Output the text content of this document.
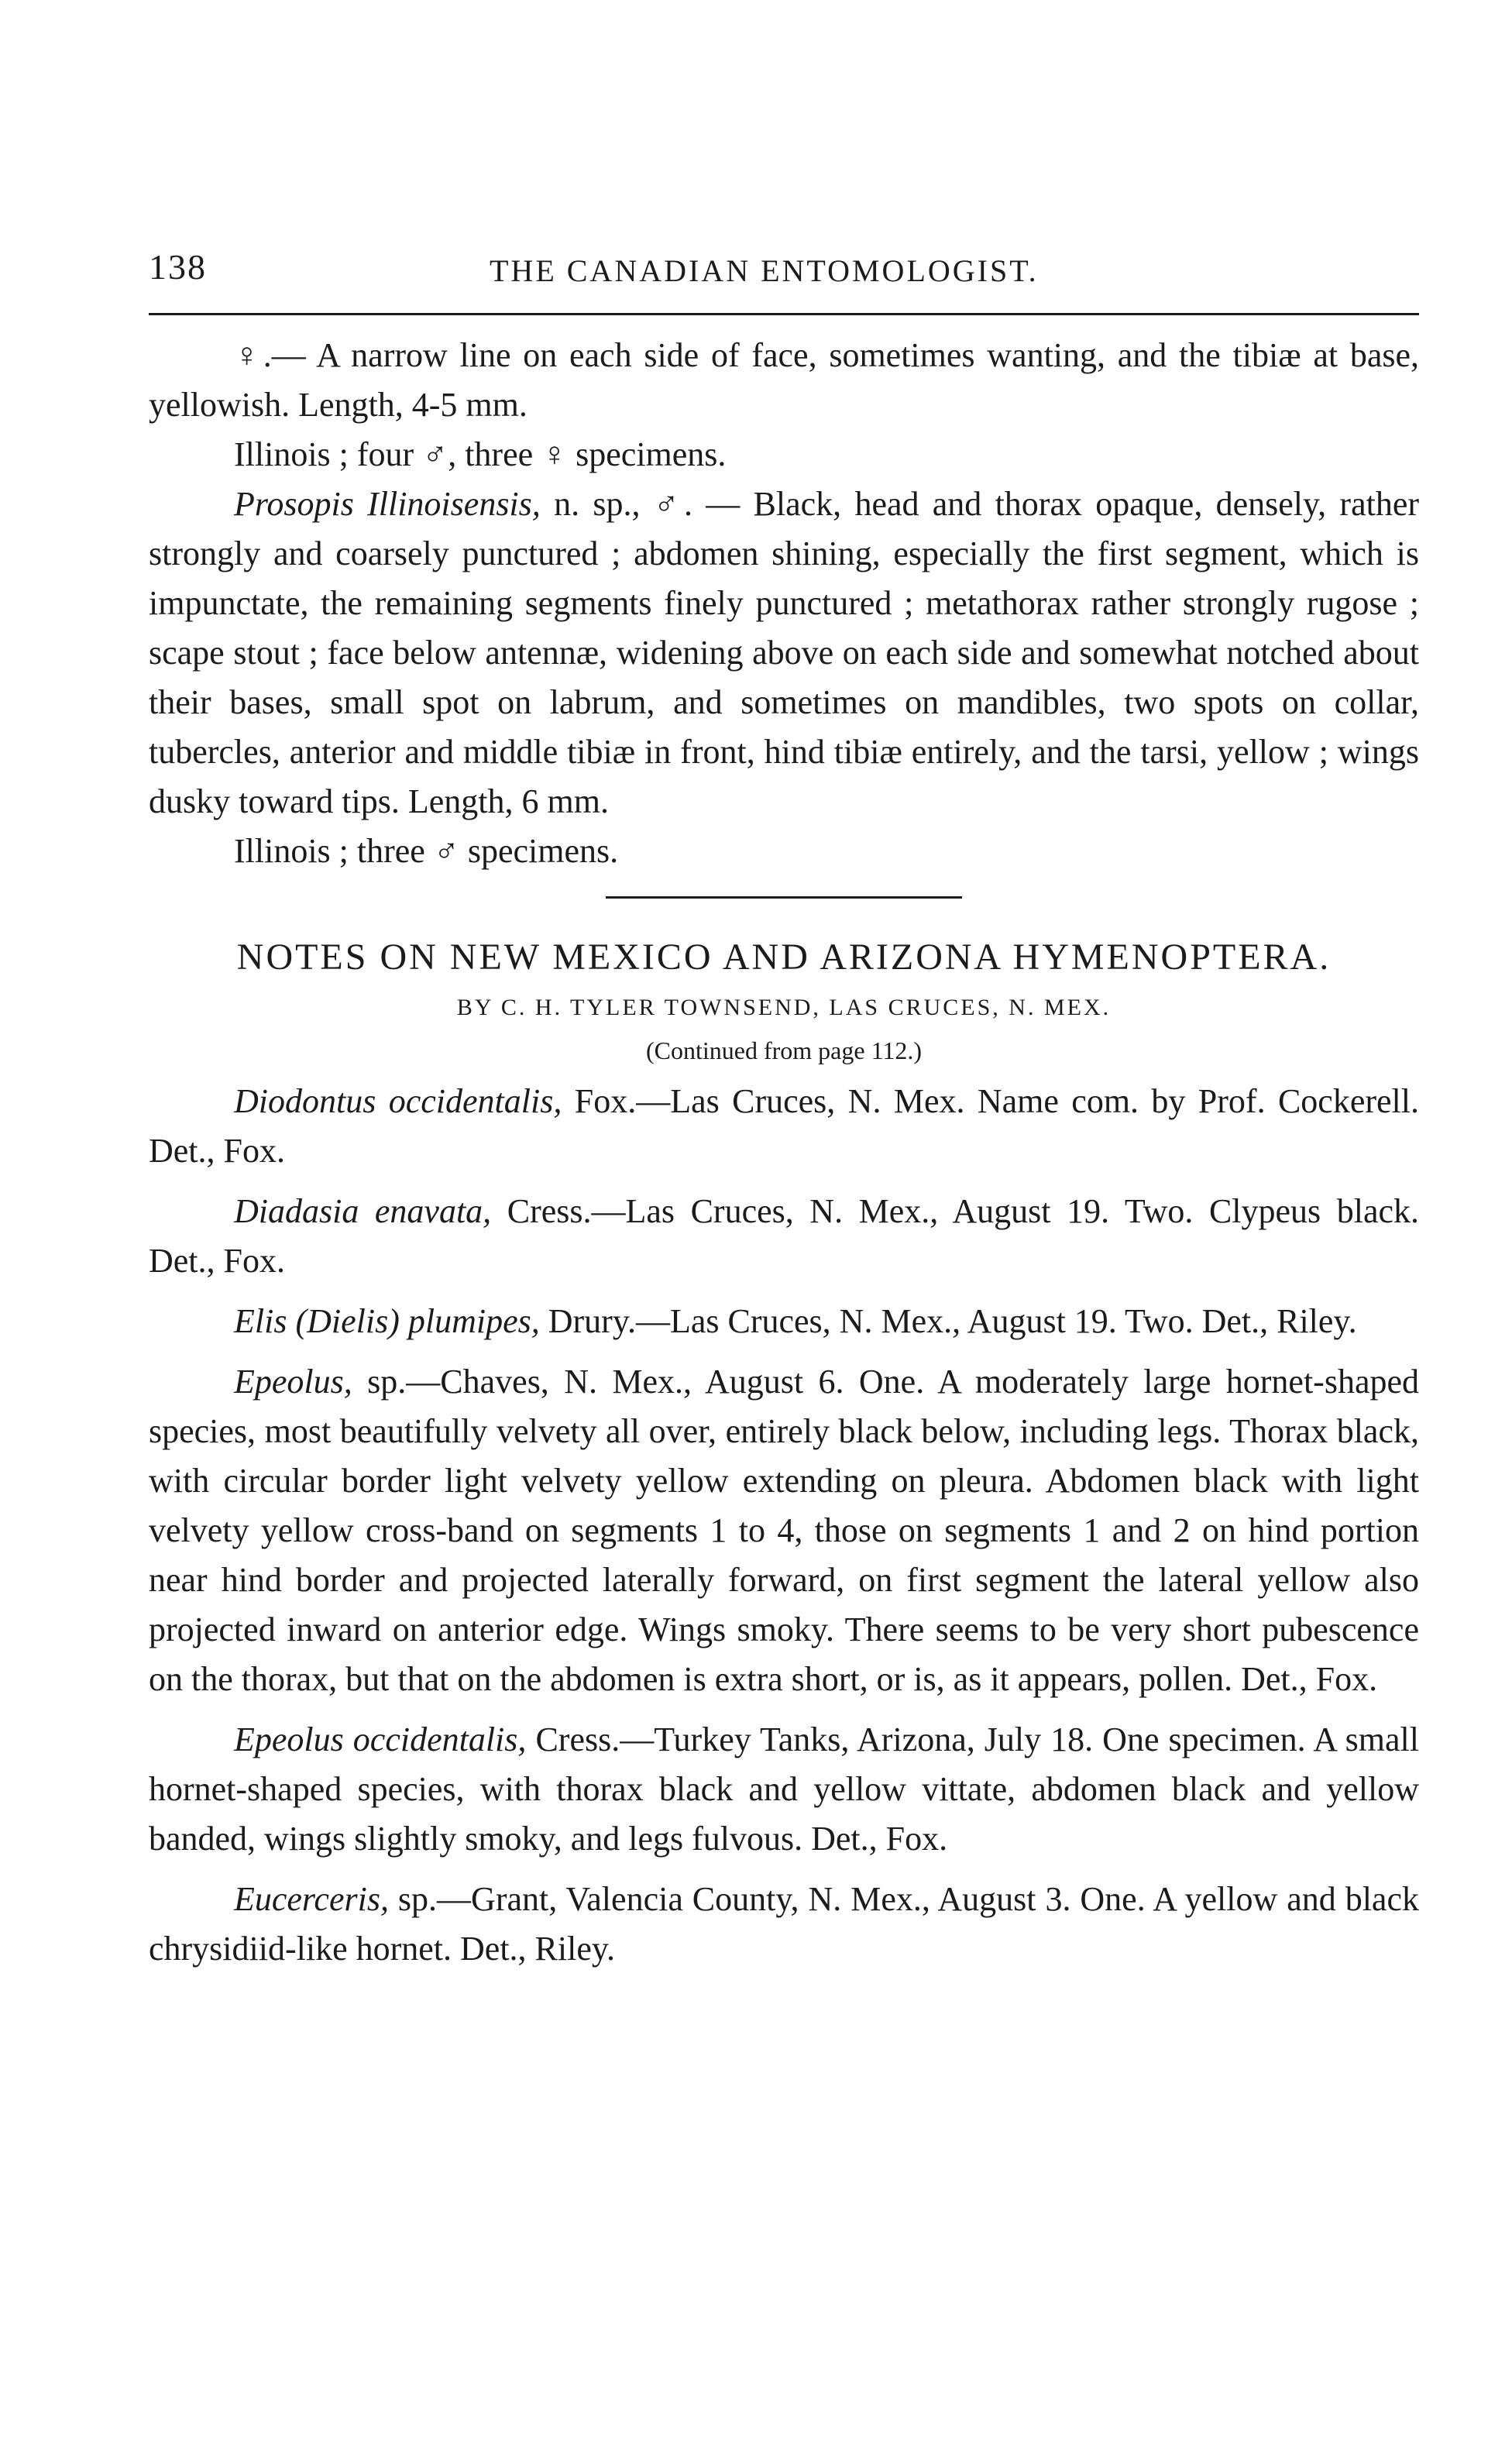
138	THE CANADIAN ENTOMOLOGIST.

♀.— A narrow line on each side of face, sometimes wanting, and the tibiæ at base, yellowish. Length, 4-5 mm.

Illinois ; four ♂, three ♀ specimens.

Prosopis Illinoisensis, n. sp., ♂. — Black, head and thorax opaque, densely, rather strongly and coarsely punctured ; abdomen shining, especially the first segment, which is impunctate, the remaining segments finely punctured ; metathorax rather strongly rugose ; scape stout ; face below antennæ, widening above on each side and somewhat notched about their bases, small spot on labrum, and sometimes on mandibles, two spots on collar, tubercles, anterior and middle tibiæ in front, hind tibiæ entirely, and the tarsi, yellow ; wings dusky toward tips. Length, 6 mm.

Illinois ; three ♂ specimens.

NOTES ON NEW MEXICO AND ARIZONA HYMENOPTERA.
BY C. H. TYLER TOWNSEND, LAS CRUCES, N. MEX.
(Continued from page 112.)

Diodontus occidentalis, Fox.—Las Cruces, N. Mex. Name com. by Prof. Cockerell. Det., Fox.

Diadasia enavata, Cress.—Las Cruces, N. Mex., August 19. Two. Clypeus black. Det., Fox.

Elis (Dielis) plumipes, Drury.—Las Cruces, N. Mex., August 19. Two. Det., Riley.

Epeolus, sp.—Chaves, N. Mex., August 6. One. A moderately large hornet-shaped species, most beautifully velvety all over, entirely black below, including legs. Thorax black, with circular border light velvety yellow extending on pleura. Abdomen black with light velvety yellow cross-band on segments 1 to 4, those on segments 1 and 2 on hind portion near hind border and projected laterally forward, on first segment the lateral yellow also projected inward on anterior edge. Wings smoky. There seems to be very short pubescence on the thorax, but that on the abdomen is extra short, or is, as it appears, pollen. Det., Fox.

Epeolus occidentalis, Cress.—Turkey Tanks, Arizona, July 18. One specimen. A small hornet-shaped species, with thorax black and yellow vittate, abdomen black and yellow banded, wings slightly smoky, and legs fulvous. Det., Fox.

Eucerceris, sp.—Grant, Valencia County, N. Mex., August 3. One. A yellow and black chrysidiid-like hornet. Det., Riley.
